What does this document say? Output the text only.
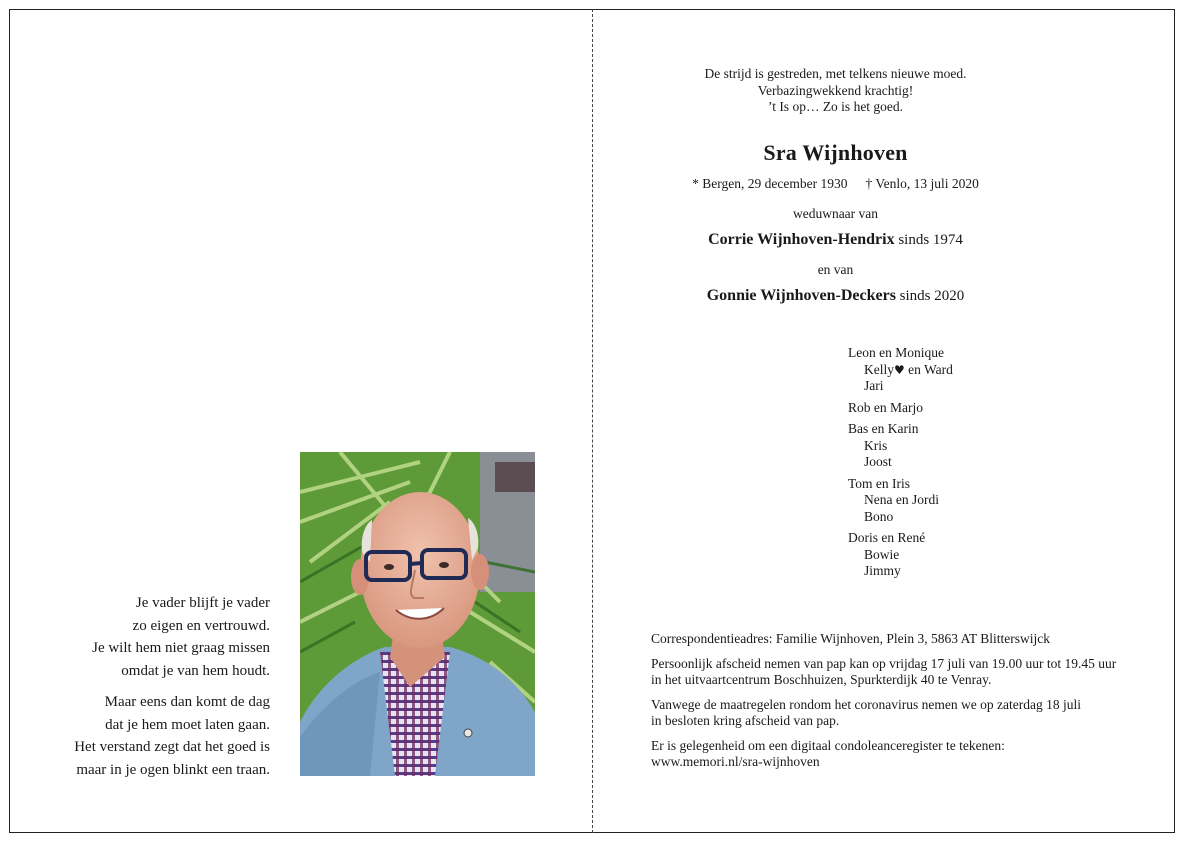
Je vader blijft je vader
zo eigen en vertrouwd.
Je wilt hem niet graag missen
omdat je van hem houdt.
Maar eens dan komt de dag
dat je hem moet laten gaan.
Het verstand zegt dat het goed is
maar in je ogen blinkt een traan.
De strijd is gestreden, met telkens nieuwe moed.
Verbazingwekkend krachtig!
’t Is op… Zo is het goed.
Sra Wijnhoven
* Bergen, 29 december 1930 † Venlo, 13 juli 2020
weduwnaar van
Corrie Wijnhoven-Hendrix sinds 1974
en van
Gonnie Wijnhoven-Deckers sinds 2020
Leon en Monique
Kelly♥ en Ward
Jari
Rob en Marjo
Bas en Karin
Kris
Joost
Tom en Iris
Nena en Jordi
Bono
Doris en René
Bowie
Jimmy

Correspondentieadres: Familie Wijnhoven, Plein 3, 5863 AT Blitterswijck

Persoonlijk afscheid nemen van pap kan op vrijdag 17 juli van 19.00 uur tot 19.45 uur
in het uitvaartcentrum Boschhuizen, Spurkterdijk 40 te Venray.

Vanwege de maatregelen rondom het coronavirus nemen we op zaterdag 18 juli
in besloten kring afscheid van pap.

Er is gelegenheid om een digitaal condoleanceregister te tekenen:
www.memori.nl/sra-wijnhoven
